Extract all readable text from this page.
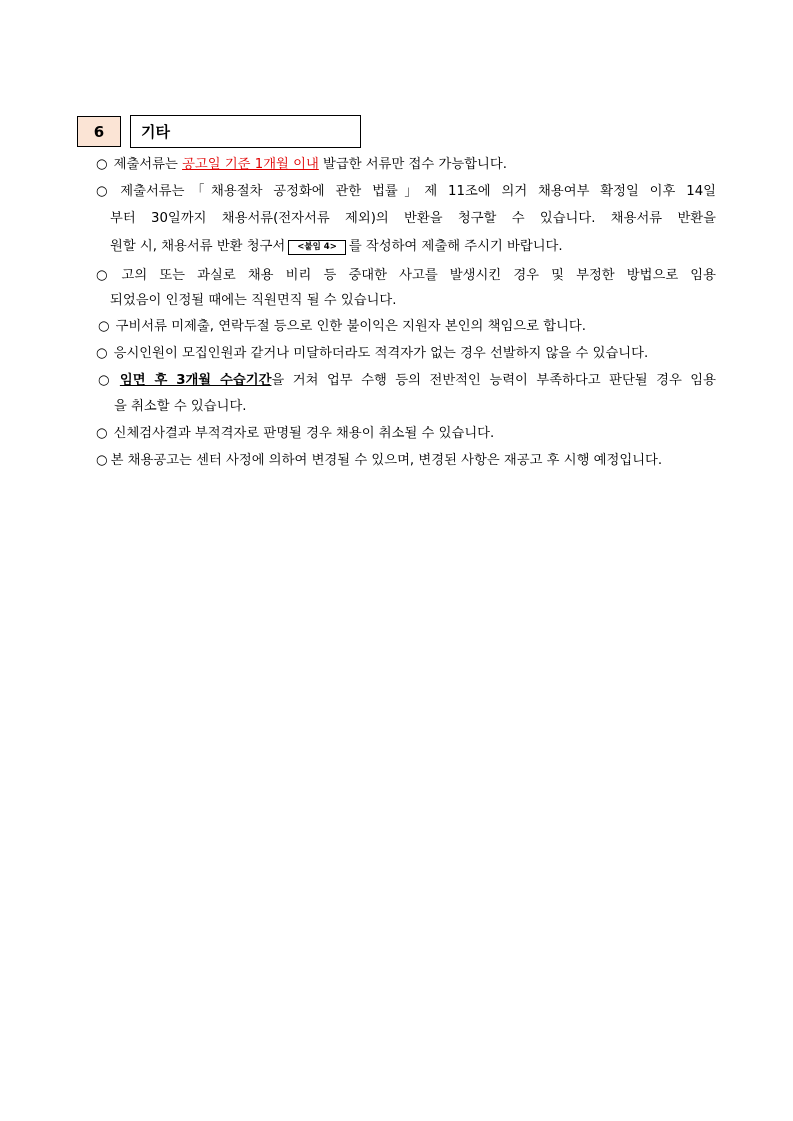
6	기타
○ 제출서류는 공고일 기준 1개월 이내 발급한 서류만 접수 가능합니다.
○ 제출서류는「채용절차 공정화에 관한 법률」제 11조에 의거 채용여부 확정일 이후 14일
부터 30일까지 채용서류(전자서류 제외)의 반환을 청구할 수 있습니다. 채용서류 반환을
원할 시, 채용서류 반환 청구서 <붙임 4> 를 작성하여 제출해 주시기 바랍니다.
○ 고의 또는 과실로 채용 비리 등 중대한 사고를 발생시킨 경우 및 부정한 방법으로 임용
되었음이 인정될 때에는 직원면직 될 수 있습니다.
○ 구비서류 미제출, 연락두절 등으로 인한 불이익은 지원자 본인의 책임으로 합니다.
○ 응시인원이 모집인원과 같거나 미달하더라도 적격자가 없는 경우 선발하지 않을 수 있습니다.
○ 임면 후 3개월 수습기간을 거쳐 업무 수행 등의 전반적인 능력이 부족하다고 판단될 경우 임용
을 취소할 수 있습니다.
○ 신체검사결과 부적격자로 판명될 경우 채용이 취소될 수 있습니다.
○ 본 채용공고는 센터 사정에 의하여 변경될 수 있으며, 변경된 사항은 재공고 후 시행 예정입니다.
